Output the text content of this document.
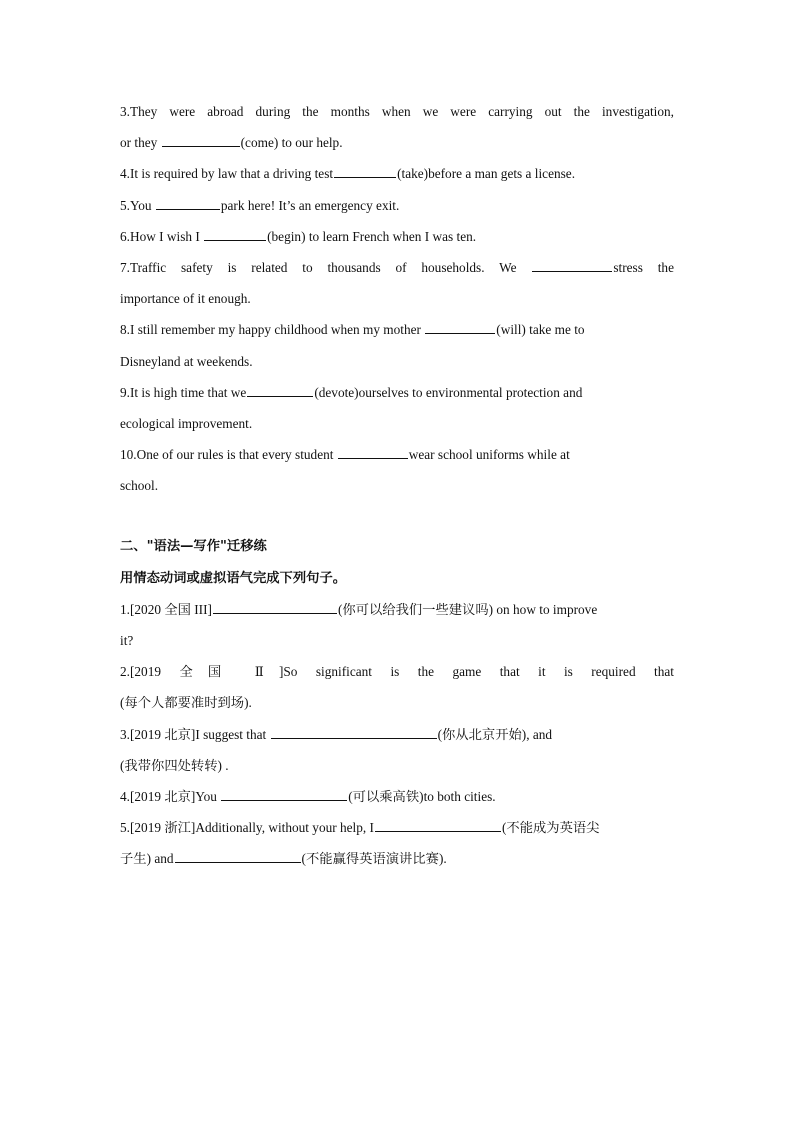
3.They were abroad during the months when we were carrying out the investigation,
or they	(come) to our help.
4.It is required by law that a driving test	(take)before a man gets a license.
5.You	park here! It’s an emergency exit.
6.How I wish I	(begin) to learn French when I was ten.
7.Traffic safety is related to thousands of households. We	stress the
importance of it enough.
8.I still remember my happy childhood when my mother	(will) take me to
Disneyland at weekends.
9.It is high time that we	(devote)ourselves to environmental protection and
ecological improvement.
10.One of our rules is that every student	wear school uniforms while at
school.
二、"语法—写作"迁移练
用情态动词或虚拟语气完成下列句子。
1.[2020 全国 III]	(你可以给我们一些建议吗) on how to improve
it?
2.[2019 全国 Ⅱ]So significant is the game that it is required that
(每个人都要准时到场).
3.[2019 北京]I suggest that	(你从北京开始), and
(我带你四处转转) .
4.[2019 北京]You	(可以乘高铁)to both cities.
5.[2019 浙江]Additionally, without your help, I	(不能成为英语尖
子生) and	(不能赢得英语演讲比赛).
